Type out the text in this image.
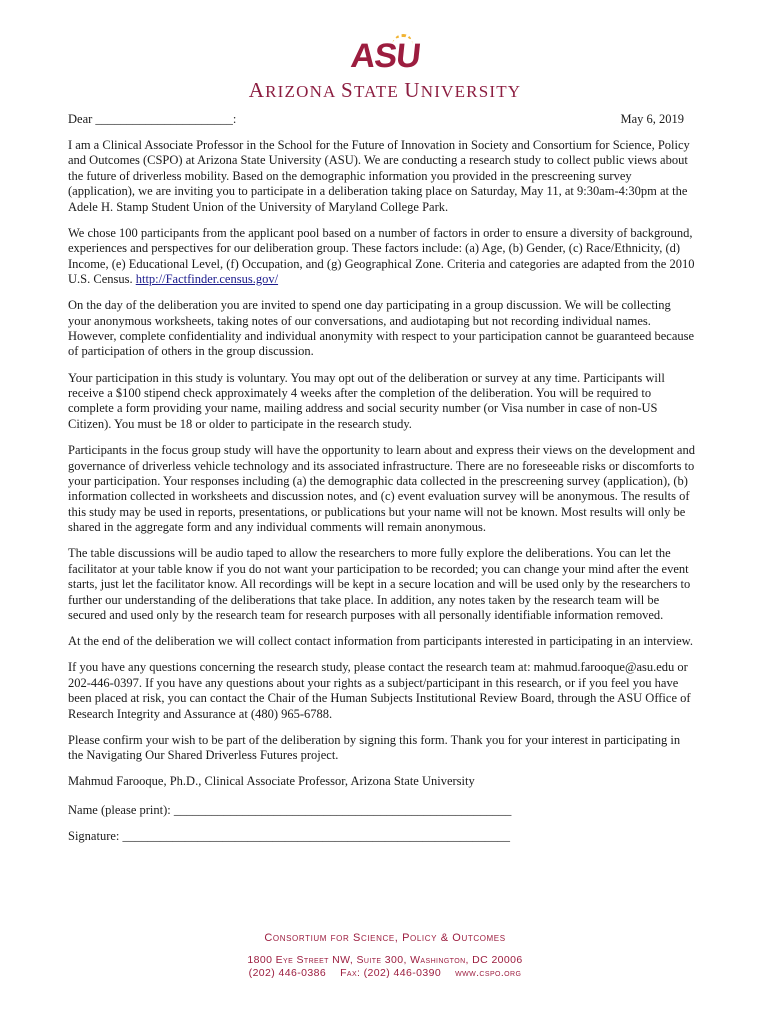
ASU
ARIZONA STATE UNIVERSITY
Dear ______________________:	May 6, 2019

I am a Clinical Associate Professor in the School for the Future of Innovation in Society and Consortium for Science, Policy and Outcomes (CSPO) at Arizona State University (ASU). We are conducting a research study to collect public views about the future of driverless mobility. Based on the demographic information you provided in the prescreening survey (application), we are inviting you to participate in a deliberation taking place on Saturday, May 11, at 9:30am-4:30pm at the Adele H. Stamp Student Union of the University of Maryland College Park.

We chose 100 participants from the applicant pool based on a number of factors in order to ensure a diversity of background, experiences and perspectives for our deliberation group. These factors include: (a) Age, (b) Gender, (c) Race/Ethnicity, (d) Income, (e) Educational Level, (f) Occupation, and (g) Geographical Zone. Criteria and categories are adapted from the 2010 U.S. Census. http://Factfinder.census.gov/

On the day of the deliberation you are invited to spend one day participating in a group discussion. We will be collecting your anonymous worksheets, taking notes of our conversations, and audiotaping but not recording individual names. However, complete confidentiality and individual anonymity with respect to your participation cannot be guaranteed because of participation of others in the group discussion.

Your participation in this study is voluntary. You may opt out of the deliberation or survey at any time. Participants will receive a $100 stipend check approximately 4 weeks after the completion of the deliberation. You will be required to complete a form providing your name, mailing address and social security number (or Visa number in case of non-US Citizen). You must be 18 or older to participate in the research study.

Participants in the focus group study will have the opportunity to learn about and express their views on the development and governance of driverless vehicle technology and its associated infrastructure. There are no foreseeable risks or discomforts to your participation. Your responses including (a) the demographic data collected in the prescreening survey (application), (b) information collected in worksheets and discussion notes, and (c) event evaluation survey will be anonymous. The results of this study may be used in reports, presentations, or publications but your name will not be known. Most results will only be shared in the aggregate form and any individual comments will remain anonymous.

The table discussions will be audio taped to allow the researchers to more fully explore the deliberations. You can let the facilitator at your table know if you do not want your participation to be recorded; you can change your mind after the event starts, just let the facilitator know. All recordings will be kept in a secure location and will be used only by the researchers to further our understanding of the deliberations that take place. In addition, any notes taken by the research team will be secured and used only by the research team for research purposes with all personally identifiable information removed.

At the end of the deliberation we will collect contact information from participants interested in participating in an interview.

If you have any questions concerning the research study, please contact the research team at: mahmud.farooque@asu.edu or 202-446-0397. If you have any questions about your rights as a subject/participant in this research, or if you feel you have been placed at risk, you can contact the Chair of the Human Subjects Institutional Review Board, through the ASU Office of Research Integrity and Assurance at (480) 965-6788.

Please confirm your wish to be part of the deliberation by signing this form. Thank you for your interest in participating in the Navigating Our Shared Driverless Futures project.

Mahmud Farooque, Ph.D., Clinical Associate Professor, Arizona State University

Name (please print): ______________________________________________________

Signature: ______________________________________________________________

Consortium for Science, Policy & Outcomes
1800 Eye Street NW, Suite 300, Washington, DC 20006
(202) 446-0386 Fax: (202) 446-0390 www.cspo.org
